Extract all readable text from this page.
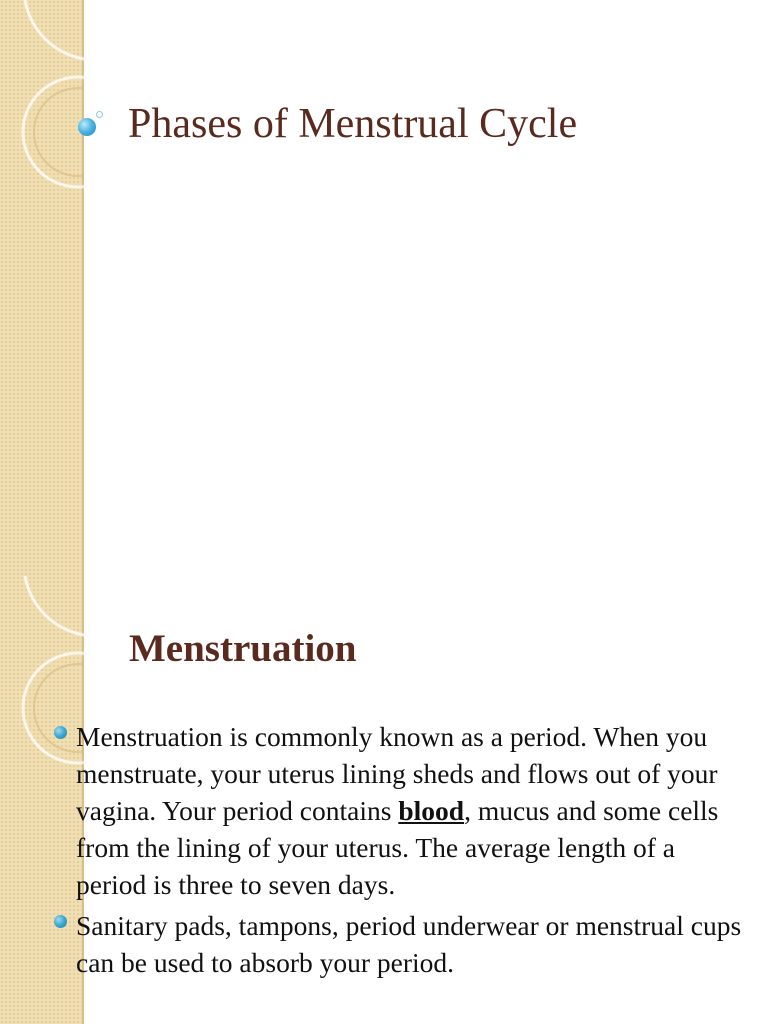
Phases of Menstrual Cycle
Menstruation
Menstruation is commonly known as a period. When you menstruate, your uterus lining sheds and flows out of your vagina. Your period contains blood, mucus and some cells from the lining of your uterus. The average length of a period is three to seven days.
Sanitary pads, tampons, period underwear or menstrual cups can be used to absorb your period.
